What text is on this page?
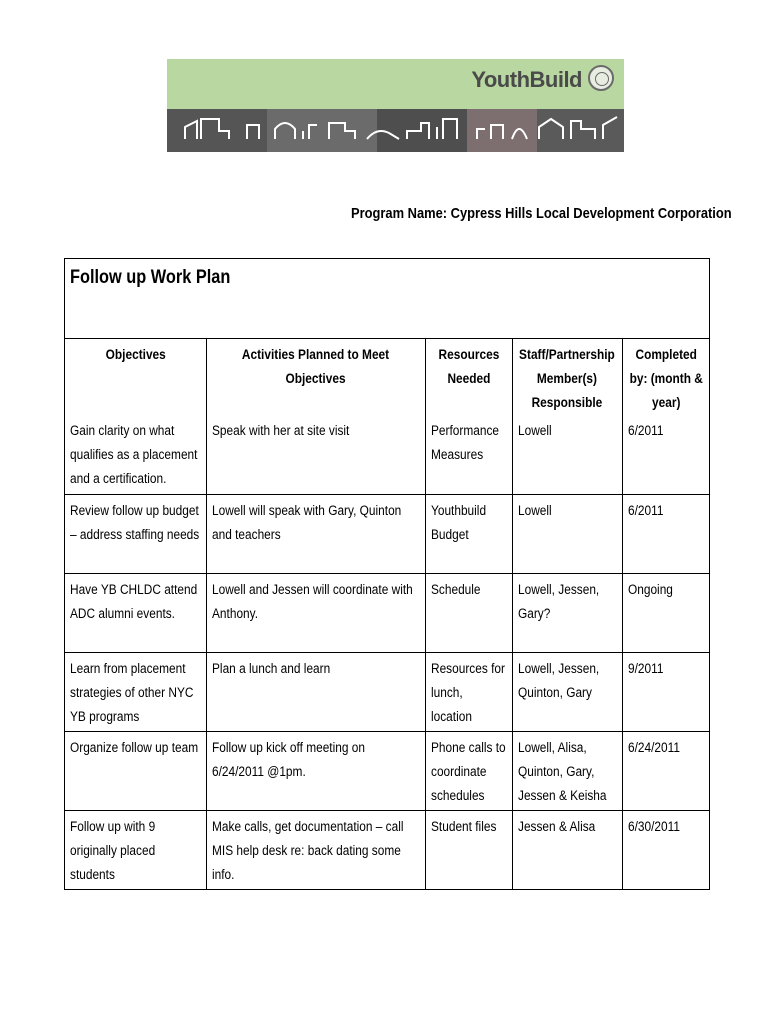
YouthBuild
Program Name: Cypress Hills Local Development Corporation
Follow up Work Plan
Objectives	Activities Planned to Meet Objectives	Resources Needed	Staff/Partnership Member(s) Responsible	Completed by: (month & year)

Gain clarity on what qualifies as a placement and a certification.	Speak with her at site visit	Performance Measures	Lowell	6/2011

Review follow up budget – address staffing needs	Lowell will speak with Gary, Quinton and teachers	Youthbuild Budget	Lowell	6/2011

Have YB CHLDC attend ADC alumni events.	Lowell and Jessen will coordinate with Anthony.	Schedule	Lowell, Jessen, Gary?	Ongoing

Learn from placement strategies of other NYC YB programs	Plan a lunch and learn	Resources for lunch, location	Lowell, Jessen, Quinton, Gary	9/2011

Organize follow up team	Follow up kick off meeting on 6/24/2011 @1pm.	Phone calls to coordinate schedules	Lowell, Alisa, Quinton, Gary, Jessen & Keisha	6/24/2011

Follow up with 9 originally placed students	Make calls, get documentation – call MIS help desk re: back dating some info.	Student files	Jessen & Alisa	6/30/2011
